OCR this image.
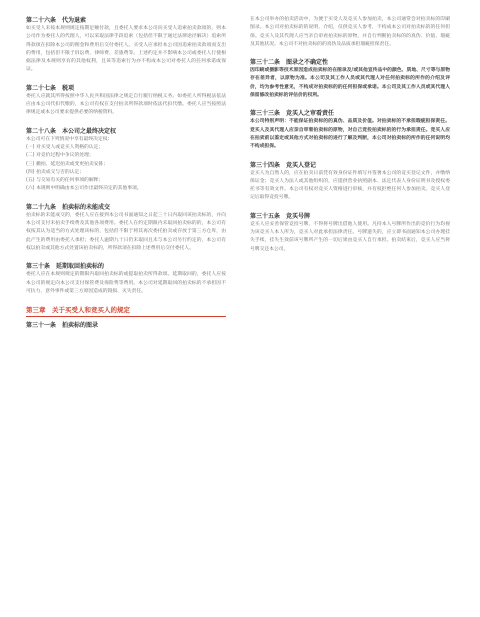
第二十六条　代为退索

如买受人未按本规则规定按期足额付款，且委托人要求本公司向买受人追索拍卖款项的，则本公司作为委托人的代理人，可以采取法律手段追索（包括但不限于通过法律途径解决）追索所得款项在扣除本公司的佣金和费用后交付委托人。买受人应承担本公司因追索拍卖款项而支出的费用，包括但不限于诉讼费、律师费、差旅费等。上述约定并不影响本公司或委托人行使根据法律及本规则享有的其他权利，且该等追索行为亦不构成本公司对委托人的任何承诺或保证。

第二十七条　税项

委托人应就其所得按照中华人民共和国法律之规定自行履行纳税义务。如委托人所得税法依法应由本公司代扣代缴的，本公司有权在支付拍卖所得款项时依法代扣代缴。委托人应当按照法律规定或本公司要求提供必要的纳税资料。

第二十八条　本公司之最终决定权

本公司可在下列情况中享有最终决定权：

(一) 对买受人或竞买人资格的认定；

(二) 对竞价过程中争议的处理；

(三) 撤拍、延迟拍卖或变更拍卖安排；

(四) 拍卖成交与否的认定；

(五) 与交易有关的任何事项的解释；

(六) 本规则中明确由本公司作出最终决定的其他事项。

第二十九条　拍卖标的未能成交

拍卖标的未能成交的，委托人应在接到本公司书面通知之日起三十日内取回该拍卖标的，并向本公司支付未拍卖手续费及其他各项费用。委托人在约定期限内未取回拍卖标的的，本公司有权按其认为适当的方式处理该标的，包括但不限于将其再次委托拍卖或存放于第三方仓库，由此产生的费用由委托人承担；委托人逾期九十日仍未取回且未与本公司另行约定的，本公司有权以拍卖或其他方式处置该拍卖标的，所得款项在扣除上述费用后交付委托人。

第三十条　延期取回拍卖标的

委托人应在本规则规定的期限内取回拍卖标的或提取拍卖所得款项。延期取回的，委托人应按本公司的规定向本公司支付保管费及保险费等费用。本公司对延期取回的拍卖标的不承担因不可抗力、意外事件或第三方原因造成的毁损、灭失责任。

第三章　关于买受人和竞买人的规定
第三十一条　拍卖标的图录

在本公司举办的拍卖活动中，为便于买受人及竞买人参加拍卖，本公司通常会对拍卖标的印刷图录。本公司对拍卖标的的说明、介绍，仅供竞买人参考，不构成本公司对拍卖标的的任何担保。竞买人及其代理人应当亲自审看拍卖标的原物，并自行判断拍卖标的的真伪、价值、瑕疵及其他状况。本公司不对拍卖标的的真伪及品质承担瑕疵担保责任。

第三十二条　图录之不确定性

因印刷或摄影等技术原因造成拍卖标的在图录及/或其他宣传品中的颜色、质地、尺寸等与原物存在差异者，以原物为准。本公司及其工作人员或其代理人对任何拍卖标的所作的介绍及评价，均为参考性意见，不构成对拍卖标的的任何担保或承诺。本公司及其工作人员或其代理人保留修改拍卖标的评估价的权利。

第三十三条　竞买人之审看责任

本公司特别声明：不能保证拍卖标的的真伪、品质及价值。对拍卖标的不承担瑕疵担保责任。竞买人及其代理人应亲自审看拍卖标的原物，对自己竞投拍卖标的的行为承担责任。竞买人应在拍卖前以鉴定或其他方式对拍卖标的进行了解及判断，本公司对拍卖标的所作的任何说明均不构成担保。

第三十四条　竞买人登记

竞买人为自然人的，应在拍卖日前凭有效身份证件填写并签署本公司的竞买登记文件，并缴纳保证金；竞买人为法人或其他组织的，应提供营业执照副本、法定代表人身份证明书及授权委托书等有效文件。本公司有权对竞买人资格进行审核，并有权拒绝任何人参加拍卖。竞买人登记后取得竞投号牌。

第三十五条　竞买号牌

竞买人应妥善保管竞投号牌，不得将号牌出借他人使用。凡持本人号牌所作出的竞价行为均视为该竞买人本人所为，竞买人对此承担法律责任。号牌遗失的，应立即书面通知本公司办理挂失手续，挂失生效前该号牌所产生的一切后果由竞买人自行承担。拍卖结束后，竞买人应当将号牌交还本公司。
